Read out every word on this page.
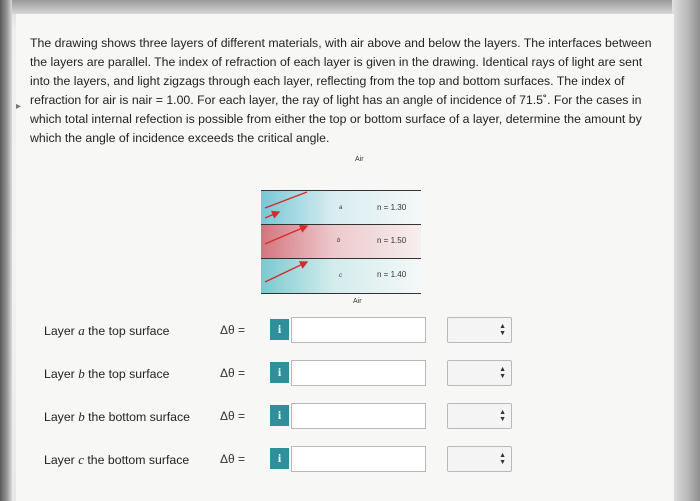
▸
The drawing shows three layers of different materials, with air above and below the layers. The interfaces between the layers are parallel. The index of refraction of each layer is given in the drawing. Identical rays of light are sent into the layers, and light zigzags through each layer, reflecting from the top and bottom surfaces. The index of refraction for air is nair = 1.00. For each layer, the ray of light has an angle of incidence of 71.5˚. For the cases in which total internal refection is possible from either the top or bottom surface of a layer, determine the amount by which the angle of incidence exceeds the critical angle.
Air
a	n = 1.30
b	n = 1.50
c	n = 1.40
Air
Layer a the top surface	Δθ =	i	▲
▼
Layer b the top surface	Δθ =	i	▲
▼
Layer b the bottom surface	Δθ =	i	▲
▼
Layer c the bottom surface	Δθ =	i	▲
▼
